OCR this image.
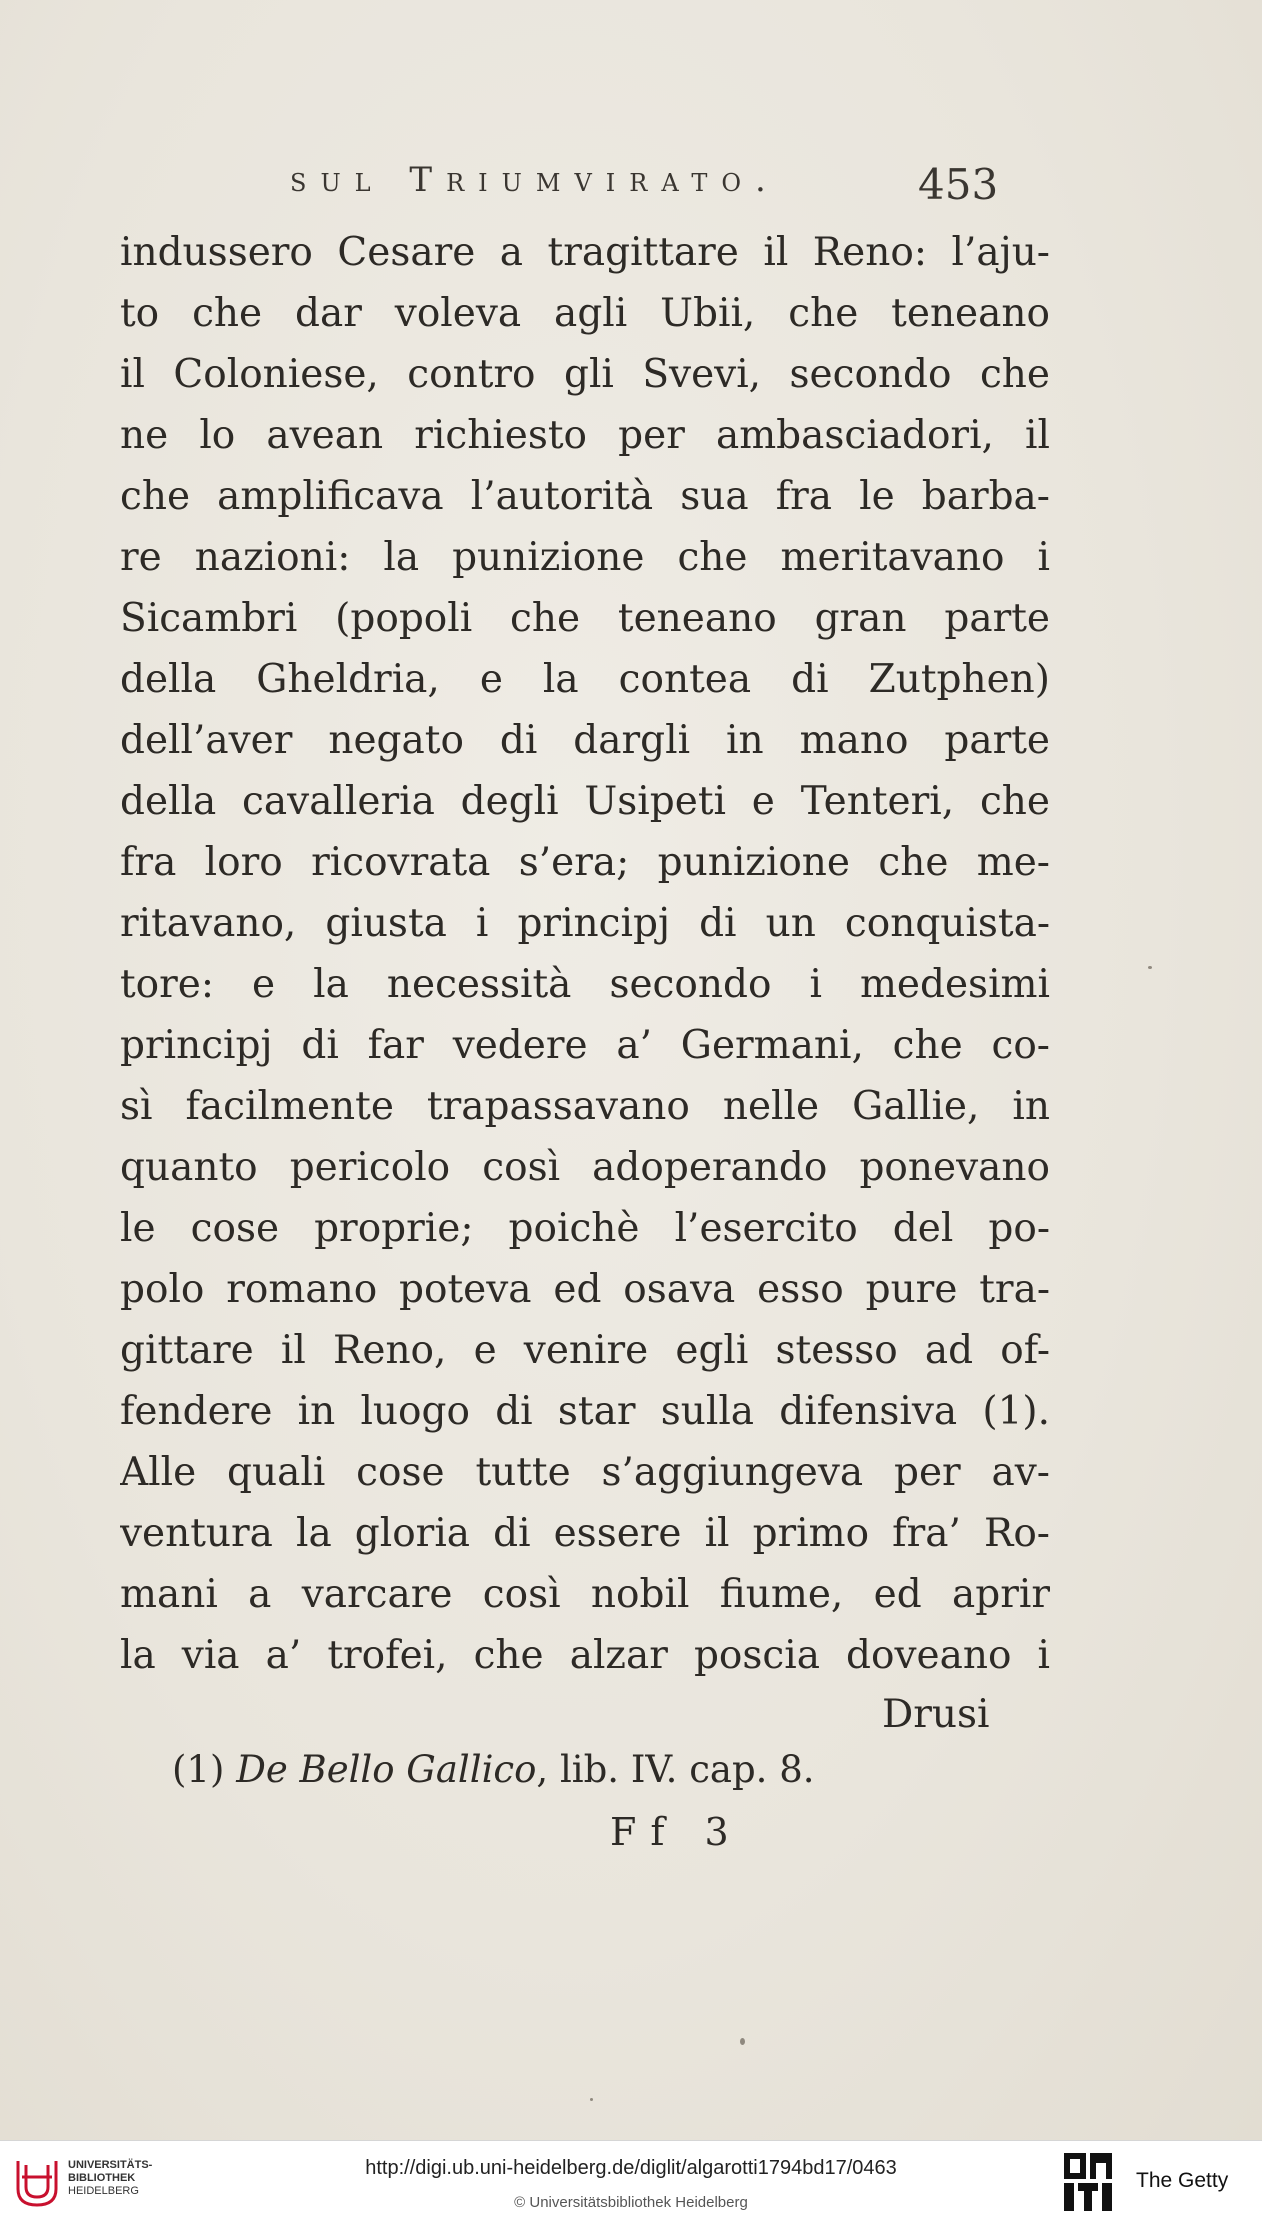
sul Triumvirato.	453
indussero Cesare a tragittare il Reno: l’aju-
to che dar voleva agli Ubii, che teneano
il Coloniese, contro gli Svevi, secondo che
ne lo avean richiesto per ambasciadori, il
che amplificava l’autorità sua fra le barba-
re nazioni: la punizione che meritavano i
Sicambri (popoli che teneano gran parte
della Gheldria, e la contea di Zutphen)
dell’aver negato di dargli in mano parte
della cavalleria degli Usipeti e Tenteri, che
fra loro ricovrata s’era; punizione che me-
ritavano, giusta i principj di un conquista-
tore: e la necessità secondo i medesimi
principj di far vedere a’ Germani, che co-
sì facilmente trapassavano nelle Gallie, in
quanto pericolo così adoperando ponevano
le cose proprie; poichè l’esercito del po-
polo romano poteva ed osava esso pure tra-
gittare il Reno, e venire egli stesso ad of-
fendere in luogo di star sulla difensiva (1).
Alle quali cose tutte s’aggiungeva per av-
ventura la gloria di essere il primo fra’ Ro-
mani a varcare così nobil fiume, ed aprir
la via a’ trofei, che alzar poscia doveano i
Drusi
(1) De Bello Gallico, lib. IV. cap. 8.
Ff 3
UNIVERSITÄTS-
BIBLIOTHEK
HEIDELBERG
http://digi.ub.uni-heidelberg.de/diglit/algarotti1794bd17/0463
© Universitätsbibliothek Heidelberg
The Getty
